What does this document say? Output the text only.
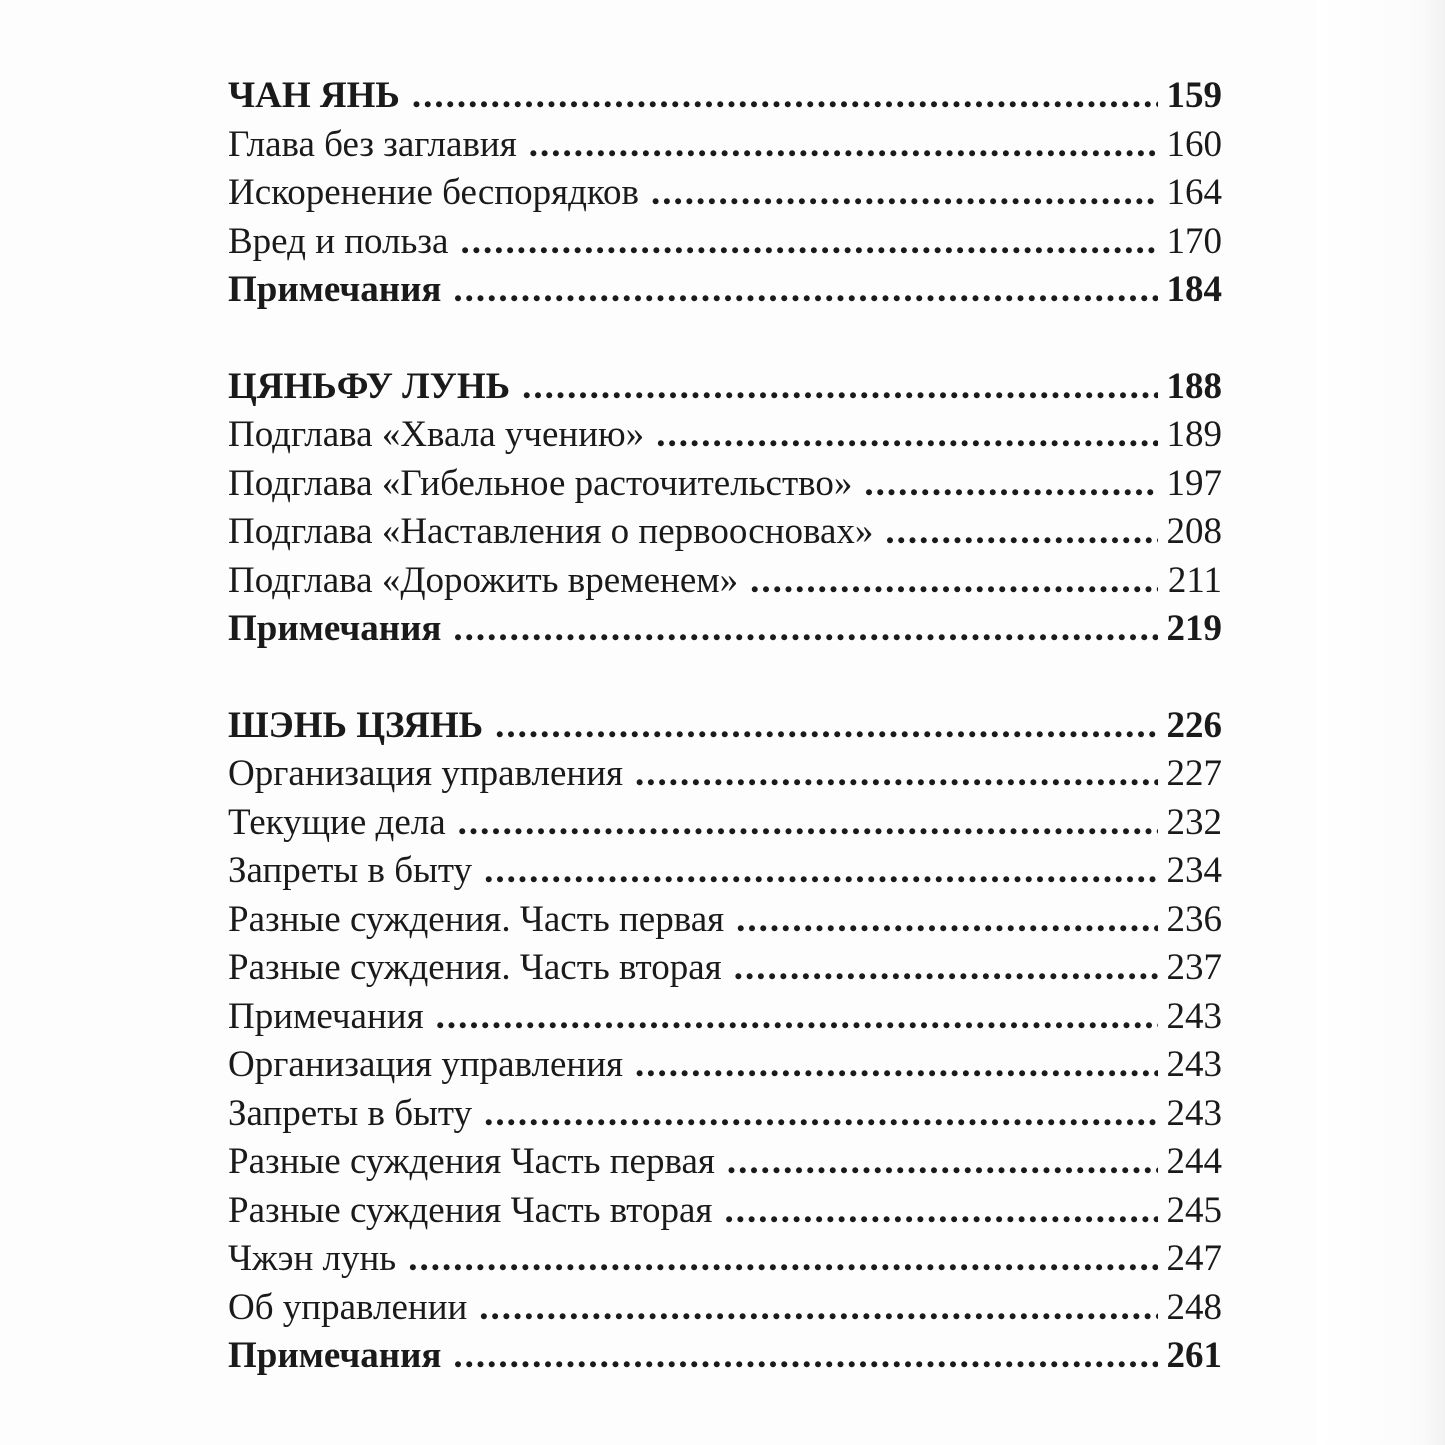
ЧАН ЯНЬ .....	159
Глава без заглавия .....	160
Искоренение беспорядков .....	164
Вред и польза .....	170
Примечания .....	184
ЦЯНЬФУ ЛУНЬ .....	188
Подглава «Хвала учению» .....	189
Подглава «Гибельное расточительство» .....	197
Подглава «Наставления о первоосновах» .....	208
Подглава «Дорожить временем» .....	211
Примечания .....	219
ШЭНЬ ЦЗЯНЬ .....	226
Организация управления .....	227
Текущие дела .....	232
Запреты в быту .....	234
Разные суждения. Часть первая .....	236
Разные суждения. Часть вторая .....	237
Примечания .....	243
Организация управления .....	243
Запреты в быту .....	243
Разные суждения Часть первая .....	244
Разные суждения Часть вторая .....	245
Чжэн лунь .....	247
Об управлении .....	248
Примечания .....	261
